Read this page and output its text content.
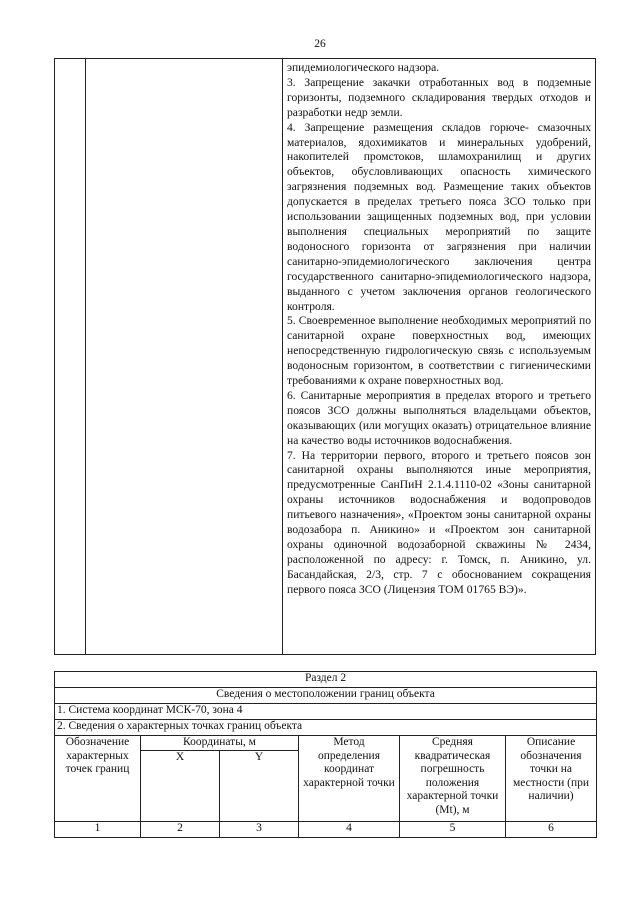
26

эпидемиологического надзора.

3. Запрещение закачки отработанных вод в подземные горизонты, подземного складирования твердых отходов и разработки недр земли.

4. Запрещение размещения складов горюче- смазочных материалов, ядохимикатов и минеральных удобрений, накопителей промстоков, шламохранилищ и других объектов, обусловливающих опасность химического загрязнения подземных вод. Размещение таких объектов допускается в пределах третьего пояса ЗСО только при использовании защищенных подземных вод, при условии выполнения специальных мероприятий по защите водоносного горизонта от загрязнения при наличии санитарно-эпидемиологического заключения центра государственного санитарно-эпидемиологического надзора, выданного с учетом заключения органов геологического контроля.

5. Своевременное выполнение необходимых мероприятий по санитарной охране поверхностных вод, имеющих непосредственную гидрологическую связь с используемым водоносным горизонтом, в соответствии с гигиеническими требованиями к охране поверхностных вод.

6. Санитарные мероприятия в пределах второго и третьего поясов ЗСО должны выполняться владельцами объектов, оказывающих (или могущих оказать) отрицательное влияние на качество воды источников водоснабжения.

7. На территории первого, второго и третьего поясов зон санитарной охраны выполняются иные мероприятия, предусмотренные СанПиН 2.1.4.1110-02 «Зоны санитарной охраны источников водоснабжения и водопроводов питьевого назначения», «Проектом зоны санитарной охраны водозабора п. Аникино» и «Проектом зон санитарной охраны одиночной водозаборной скважины № 2434, расположенной по адресу: г. Томск, п. Аникино, ул. Басандайская, 2/3, стр. 7 с обоснованием сокращения первого пояса ЗСО (Лицензия ТОМ 01765 ВЭ)».

Раздел 2					
Сведения о местоположении границ объекта					
1. Система координат МСК-70, зона 4					
2. Сведения о характерных точках границ объекта					
Обозначение характерных точек границ	Координаты, м		Метод определения координат характерной точки	Средняя квадратическая погрешность положения характерной точки (Mt), м	Описание обозначения точки на местности (при наличии)
	X	Y			
1	2	3	4	5	6
